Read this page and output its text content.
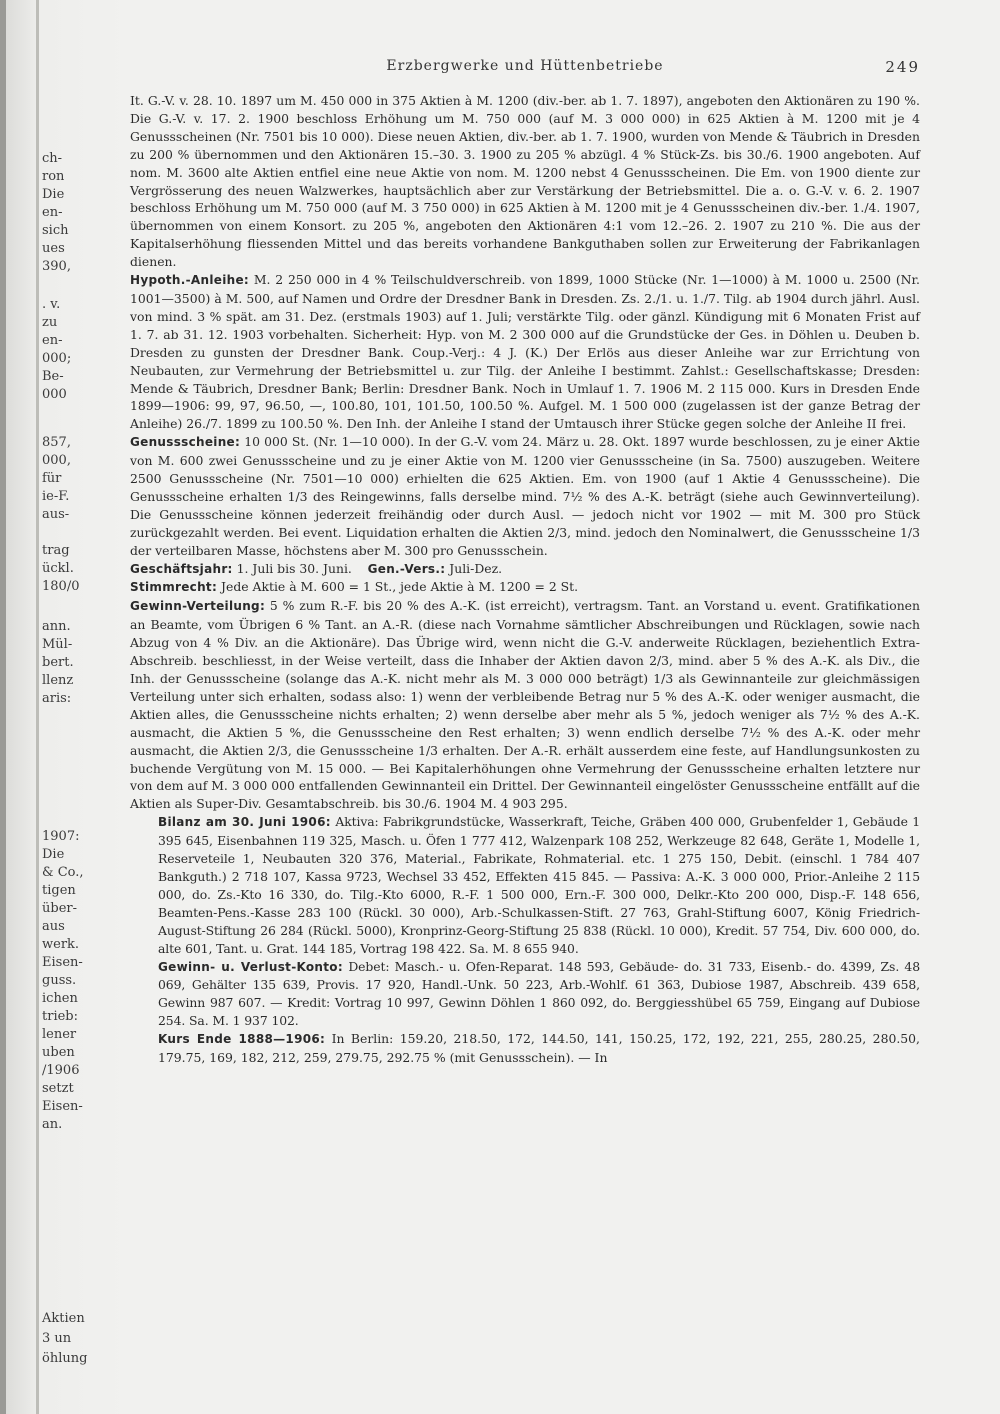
ch-
ron
Die
en-
sich
ues
390,
. v.
zu
en-
000;
Be-
000
857,
000,
für
ie-F.
aus-
trag
ückl.
180/0
ann.
Mül-
bert.
llenz
aris:
1907:
Die
& Co.,
tigen
über-
aus
werk.
Eisen-
guss.
ichen
trieb:
lener
uben
/1906
setzt
Eisen-
an.
Aktien
3 un
öhlung
Erzbergwerke und Hüttenbetriebe	249

It. G.-V. v. 28. 10. 1897 um M. 450 000 in 375 Aktien à M. 1200 (div.-ber. ab 1. 7. 1897), angeboten den Aktionären zu 190 %. Die G.-V. v. 17. 2. 1900 beschloss Erhöhung um M. 750 000 (auf M. 3 000 000) in 625 Aktien à M. 1200 mit je 4 Genussscheinen (Nr. 7501 bis 10 000). Diese neuen Aktien, div.-ber. ab 1. 7. 1900, wurden von Mende & Täubrich in Dresden zu 200 % übernommen und den Aktionären 15.–30. 3. 1900 zu 205 % abzügl. 4 % Stück-Zs. bis 30./6. 1900 angeboten. Auf nom. M. 3600 alte Aktien entfiel eine neue Aktie von nom. M. 1200 nebst 4 Genussscheinen. Die Em. von 1900 diente zur Vergrösserung des neuen Walzwerkes, hauptsächlich aber zur Verstärkung der Betriebsmittel. Die a. o. G.-V. v. 6. 2. 1907 beschloss Erhöhung um M. 750 000 (auf M. 3 750 000) in 625 Aktien à M. 1200 mit je 4 Genussscheinen div.-ber. 1./4. 1907, übernommen von einem Konsort. zu 205 %, angeboten den Aktionären 4:1 vom 12.–26. 2. 1907 zu 210 %. Die aus der Kapitalserhöhung fliessenden Mittel und das bereits vorhandene Bankguthaben sollen zur Erweiterung der Fabrikanlagen dienen.

Hypoth.-Anleihe: M. 2 250 000 in 4 % Teilschuldverschreib. von 1899, 1000 Stücke (Nr. 1—1000) à M. 1000 u. 2500 (Nr. 1001—3500) à M. 500, auf Namen und Ordre der Dresdner Bank in Dresden. Zs. 2./1. u. 1./7. Tilg. ab 1904 durch jährl. Ausl. von mind. 3 % spät. am 31. Dez. (erstmals 1903) auf 1. Juli; verstärkte Tilg. oder gänzl. Kündigung mit 6 Monaten Frist auf 1. 7. ab 31. 12. 1903 vorbehalten. Sicherheit: Hyp. von M. 2 300 000 auf die Grundstücke der Ges. in Döhlen u. Deuben b. Dresden zu gunsten der Dresdner Bank. Coup.-Verj.: 4 J. (K.) Der Erlös aus dieser Anleihe war zur Errichtung von Neubauten, zur Vermehrung der Betriebsmittel u. zur Tilg. der Anleihe I bestimmt. Zahlst.: Gesellschaftskasse; Dresden: Mende & Täubrich, Dresdner Bank; Berlin: Dresdner Bank. Noch in Umlauf 1. 7. 1906 M. 2 115 000. Kurs in Dresden Ende 1899—1906: 99, 97, 96.50, —, 100.80, 101, 101.50, 100.50 %. Aufgel. M. 1 500 000 (zugelassen ist der ganze Betrag der Anleihe) 26./7. 1899 zu 100.50 %. Den Inh. der Anleihe I stand der Umtausch ihrer Stücke gegen solche der Anleihe II frei.

Genussscheine: 10 000 St. (Nr. 1—10 000). In der G.-V. vom 24. März u. 28. Okt. 1897 wurde beschlossen, zu je einer Aktie von M. 600 zwei Genussscheine und zu je einer Aktie von M. 1200 vier Genussscheine (in Sa. 7500) auszugeben. Weitere 2500 Genussscheine (Nr. 7501—10 000) erhielten die 625 Aktien. Em. von 1900 (auf 1 Aktie 4 Genussscheine). Die Genussscheine erhalten 1/3 des Reingewinns, falls derselbe mind. 7½ % des A.-K. beträgt (siehe auch Gewinnverteilung). Die Genussscheine können jederzeit freihändig oder durch Ausl. — jedoch nicht vor 1902 — mit M. 300 pro Stück zurückgezahlt werden. Bei event. Liquidation erhalten die Aktien 2/3, mind. jedoch den Nominalwert, die Genussscheine 1/3 der verteilbaren Masse, höchstens aber M. 300 pro Genussschein.

Geschäftsjahr: 1. Juli bis 30. Juni. Gen.-Vers.: Juli-Dez.

Stimmrecht: Jede Aktie à M. 600 = 1 St., jede Aktie à M. 1200 = 2 St.

Gewinn-Verteilung: 5 % zum R.-F. bis 20 % des A.-K. (ist erreicht), vertragsm. Tant. an Vorstand u. event. Gratifikationen an Beamte, vom Übrigen 6 % Tant. an A.-R. (diese nach Vornahme sämtlicher Abschreibungen und Rücklagen, sowie nach Abzug von 4 % Div. an die Aktionäre). Das Übrige wird, wenn nicht die G.-V. anderweite Rücklagen, beziehentlich Extra-Abschreib. beschliesst, in der Weise verteilt, dass die Inhaber der Aktien davon 2/3, mind. aber 5 % des A.-K. als Div., die Inh. der Genussscheine (solange das A.-K. nicht mehr als M. 3 000 000 beträgt) 1/3 als Gewinnanteile zur gleichmässigen Verteilung unter sich erhalten, sodass also: 1) wenn der verbleibende Betrag nur 5 % des A.-K. oder weniger ausmacht, die Aktien alles, die Genussscheine nichts erhalten; 2) wenn derselbe aber mehr als 5 %, jedoch weniger als 7½ % des A.-K. ausmacht, die Aktien 5 %, die Genussscheine den Rest erhalten; 3) wenn endlich derselbe 7½ % des A.-K. oder mehr ausmacht, die Aktien 2/3, die Genussscheine 1/3 erhalten. Der A.-R. erhält ausserdem eine feste, auf Handlungsunkosten zu buchende Vergütung von M. 15 000. — Bei Kapitalerhöhungen ohne Vermehrung der Genussscheine erhalten letztere nur von dem auf M. 3 000 000 entfallenden Gewinnanteil ein Drittel. Der Gewinnanteil eingelöster Genussscheine entfällt auf die Aktien als Super-Div. Gesamtabschreib. bis 30./6. 1904 M. 4 903 295.

Bilanz am 30. Juni 1906: Aktiva: Fabrikgrundstücke, Wasserkraft, Teiche, Gräben 400 000, Grubenfelder 1, Gebäude 1 395 645, Eisenbahnen 119 325, Masch. u. Öfen 1 777 412, Walzenpark 108 252, Werkzeuge 82 648, Geräte 1, Modelle 1, Reserveteile 1, Neubauten 320 376, Material., Fabrikate, Rohmaterial. etc. 1 275 150, Debit. (einschl. 1 784 407 Bankguth.) 2 718 107, Kassa 9723, Wechsel 33 452, Effekten 415 845. — Passiva: A.-K. 3 000 000, Prior.-Anleihe 2 115 000, do. Zs.-Kto 16 330, do. Tilg.-Kto 6000, R.-F. 1 500 000, Ern.-F. 300 000, Delkr.-Kto 200 000, Disp.-F. 148 656, Beamten-Pens.-Kasse 283 100 (Rückl. 30 000), Arb.-Schulkassen-Stift. 27 763, Grahl-Stiftung 6007, König Friedrich-August-Stiftung 26 284 (Rückl. 5000), Kronprinz-Georg-Stiftung 25 838 (Rückl. 10 000), Kredit. 57 754, Div. 600 000, do. alte 601, Tant. u. Grat. 144 185, Vortrag 198 422. Sa. M. 8 655 940.

Gewinn- u. Verlust-Konto: Debet: Masch.- u. Ofen-Reparat. 148 593, Gebäude- do. 31 733, Eisenb.- do. 4399, Zs. 48 069, Gehälter 135 639, Provis. 17 920, Handl.-Unk. 50 223, Arb.-Wohlf. 61 363, Dubiose 1987, Abschreib. 439 658, Gewinn 987 607. — Kredit: Vortrag 10 997, Gewinn Döhlen 1 860 092, do. Berggiesshübel 65 759, Eingang auf Dubiose 254. Sa. M. 1 937 102.

Kurs Ende 1888—1906: In Berlin: 159.20, 218.50, 172, 144.50, 141, 150.25, 172, 192, 221, 255, 280.25, 280.50, 179.75, 169, 182, 212, 259, 279.75, 292.75 % (mit Genussschein). — In
